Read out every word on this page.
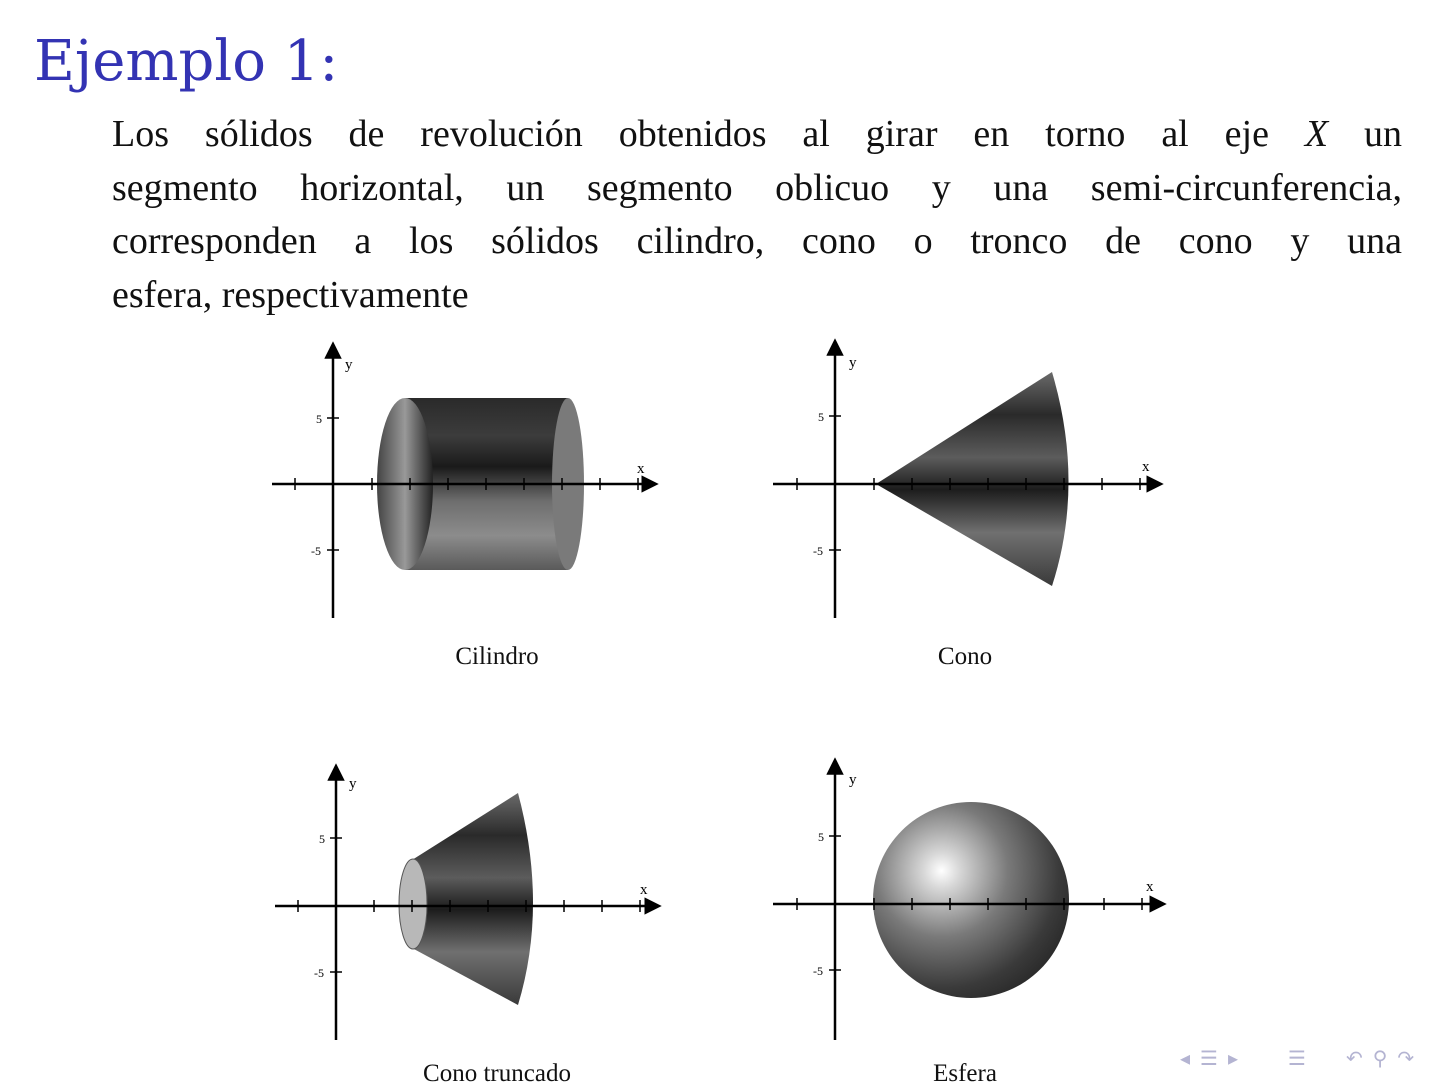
Ejemplo 1:
Los sólidos de revolución obtenidos al girar en torno al eje X un
segmento horizontal, un segmento oblicuo y una semi-circunferencia,
corresponden a los sólidos cilindro, cono o tronco de cono y una
esfera, respectivamente
y
x
5
-5
y
x
5
-5
y
x
5
-5
y
x
5
-5
Cilindro	Cono
Cono truncado	Esfera
◂ ☰ ▸	☰ ↶ ⚲ ↷
